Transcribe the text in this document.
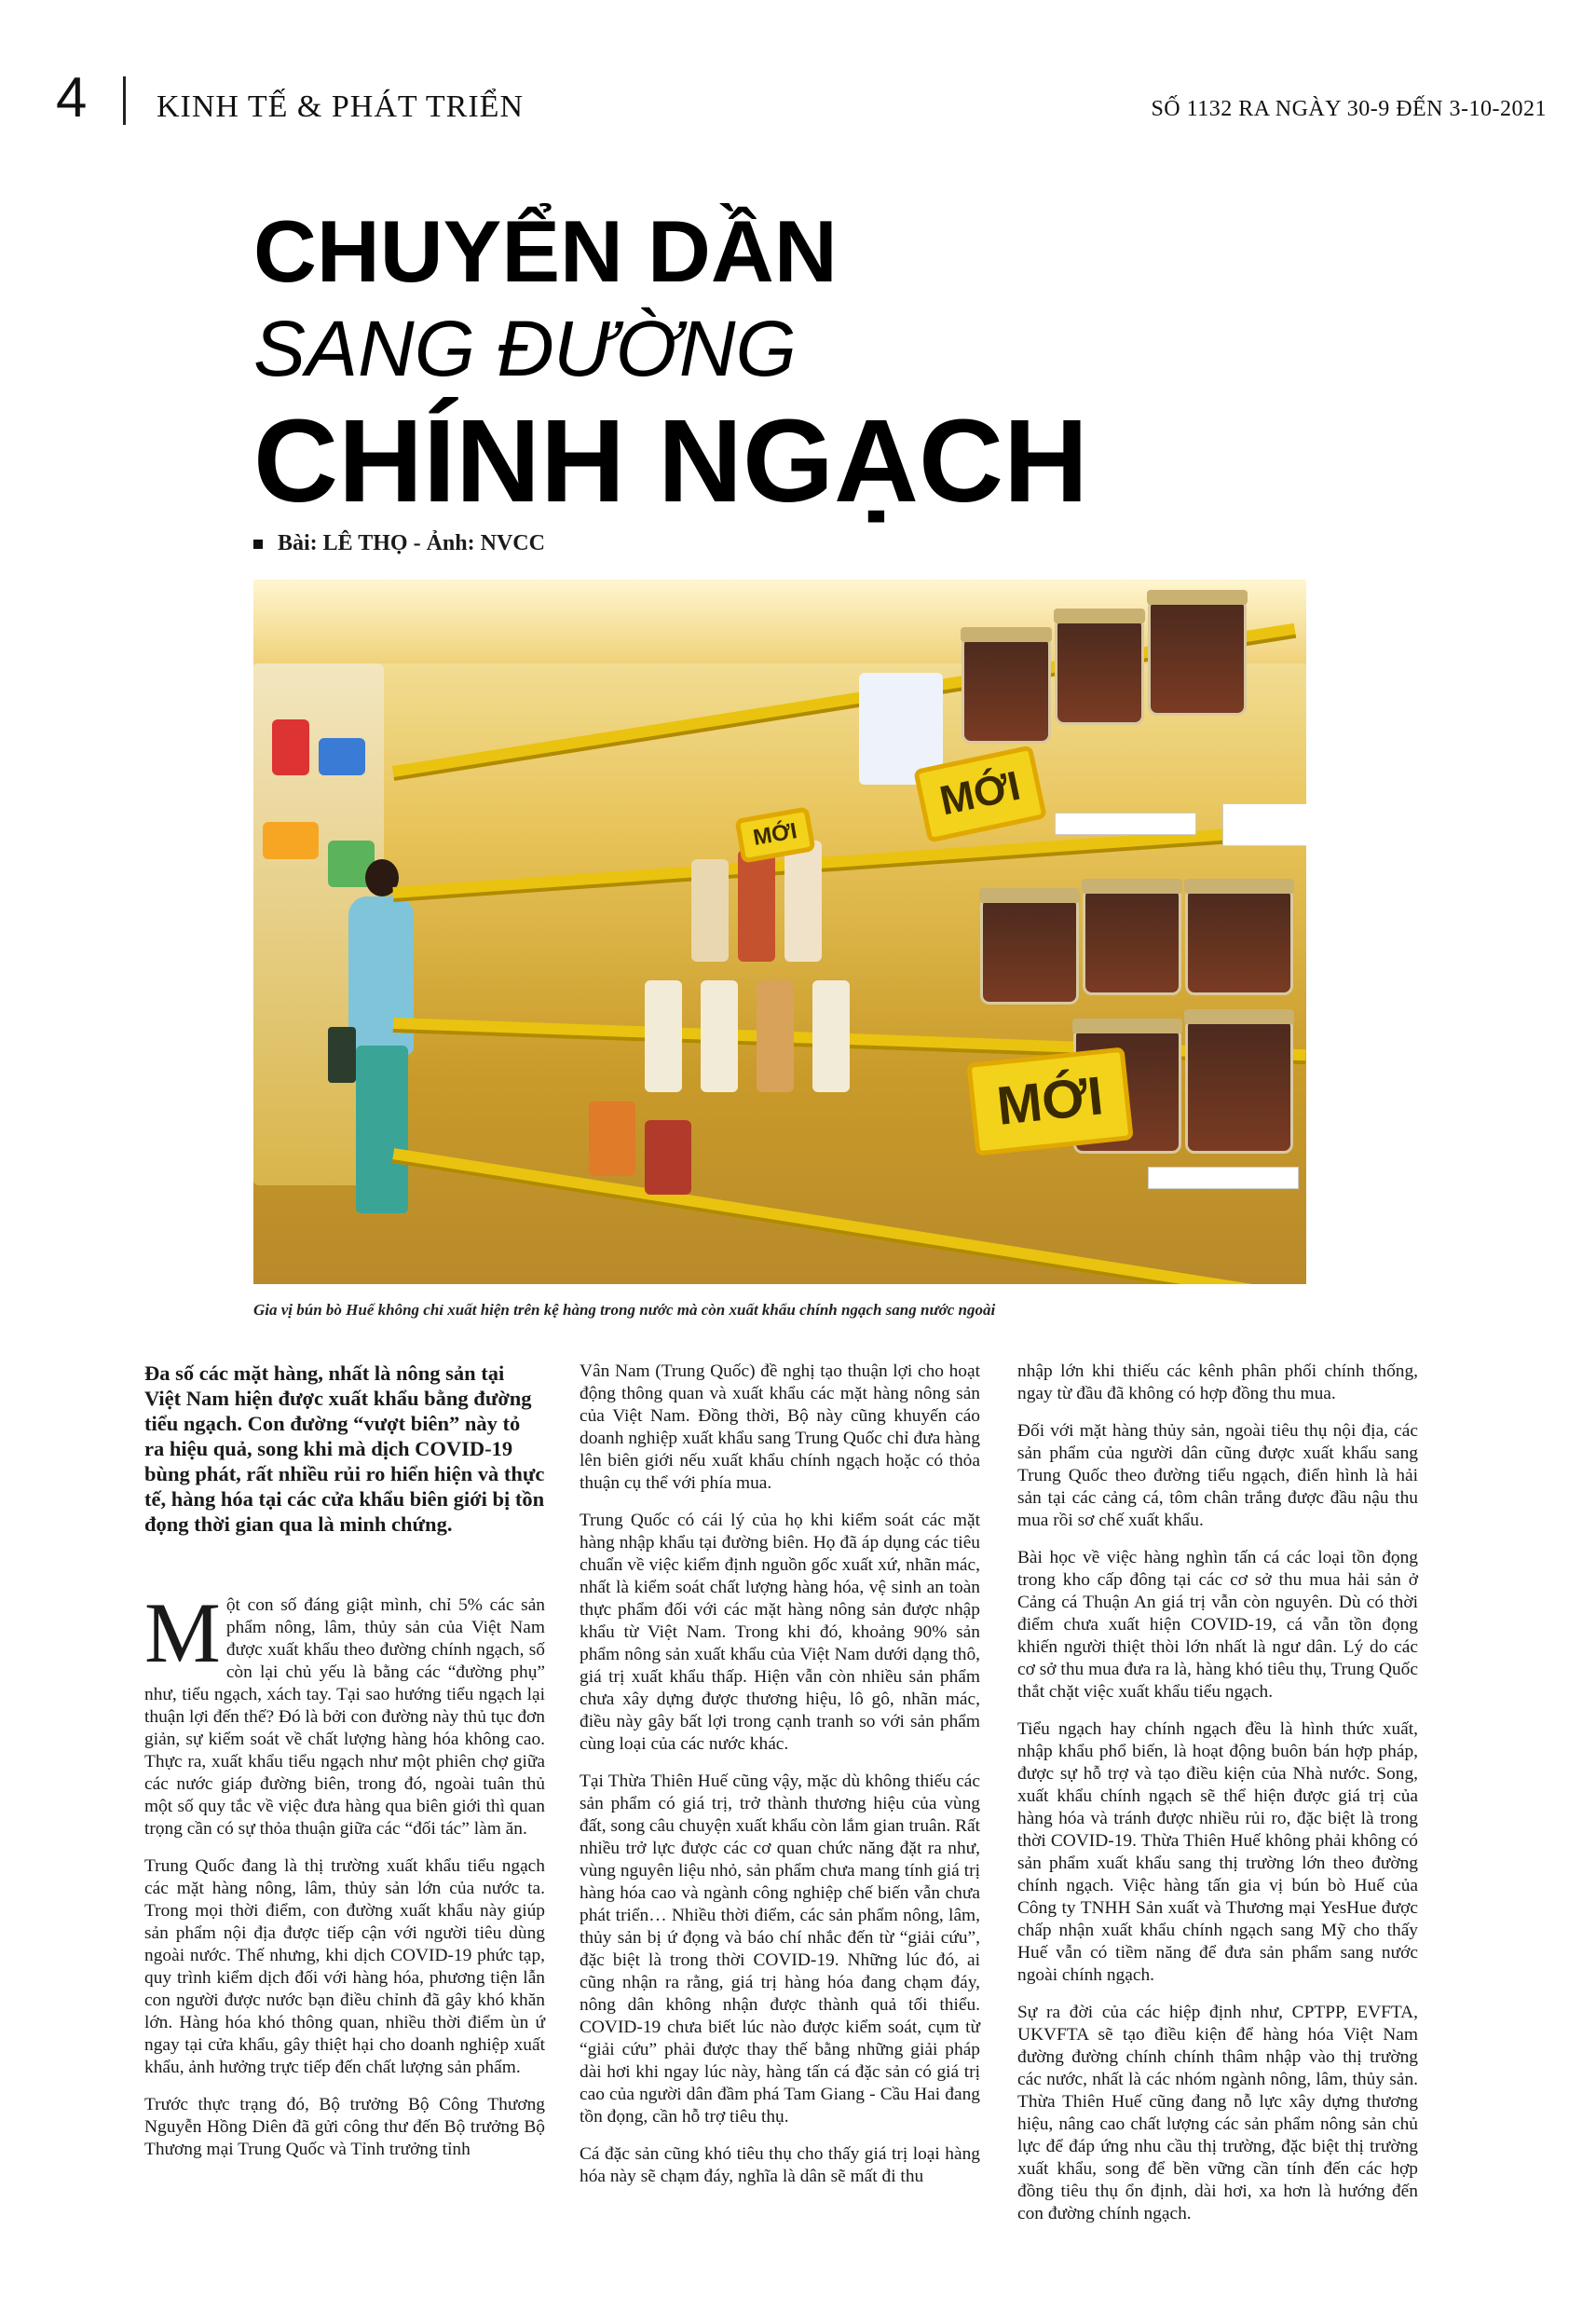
4 KINH TẾ & PHÁT TRIỂN	SỐ 1132 RA NGÀY 30-9 ĐẾN 3-10-2021
CHUYỂN DẦN
SANG ĐƯỜNG
CHÍNH NGẠCH
Bài: LÊ THỌ - Ảnh: NVCC
MỚI
MỚI
MỚI
Gia vị bún bò Huế không chỉ xuất hiện trên kệ hàng trong nước mà còn xuất khẩu chính ngạch sang nước ngoài

Đa số các mặt hàng, nhất là nông sản tại Việt Nam hiện được xuất khẩu bằng đường tiểu ngạch. Con đường “vượt biên” này tỏ ra hiệu quả, song khi mà dịch COVID-19 bùng phát, rất nhiều rủi ro hiển hiện và thực tế, hàng hóa tại các cửa khẩu biên giới bị tồn đọng thời gian qua là minh chứng.

Một con số đáng giật mình, chỉ 5% các sản phẩm nông, lâm, thủy sản của Việt Nam được xuất khẩu theo đường chính ngạch, số còn lại chủ yếu là bằng các “đường phụ” như, tiểu ngạch, xách tay. Tại sao hướng tiểu ngạch lại thuận lợi đến thế? Đó là bởi con đường này thủ tục đơn giản, sự kiểm soát về chất lượng hàng hóa không cao. Thực ra, xuất khẩu tiểu ngạch như một phiên chợ giữa các nước giáp đường biên, trong đó, ngoài tuân thủ một số quy tắc về việc đưa hàng qua biên giới thì quan trọng cần có sự thỏa thuận giữa các “đối tác” làm ăn.

Trung Quốc đang là thị trường xuất khẩu tiểu ngạch các mặt hàng nông, lâm, thủy sản lớn của nước ta. Trong mọi thời điểm, con đường xuất khẩu này giúp sản phẩm nội địa được tiếp cận với người tiêu dùng ngoài nước. Thế nhưng, khi dịch COVID-19 phức tạp, quy trình kiểm dịch đối với hàng hóa, phương tiện lẫn con người được nước bạn điều chỉnh đã gây khó khăn lớn. Hàng hóa khó thông quan, nhiều thời điểm ùn ứ ngay tại cửa khẩu, gây thiệt hại cho doanh nghiệp xuất khẩu, ảnh hưởng trực tiếp đến chất lượng sản phẩm.

Trước thực trạng đó, Bộ trưởng Bộ Công Thương Nguyễn Hồng Diên đã gửi công thư đến Bộ trưởng Bộ Thương mại Trung Quốc và Tỉnh trưởng tỉnh

Vân Nam (Trung Quốc) đề nghị tạo thuận lợi cho hoạt động thông quan và xuất khẩu các mặt hàng nông sản của Việt Nam. Đồng thời, Bộ này cũng khuyến cáo doanh nghiệp xuất khẩu sang Trung Quốc chỉ đưa hàng lên biên giới nếu xuất khẩu chính ngạch hoặc có thỏa thuận cụ thể với phía mua.

Trung Quốc có cái lý của họ khi kiểm soát các mặt hàng nhập khẩu tại đường biên. Họ đã áp dụng các tiêu chuẩn về việc kiểm định nguồn gốc xuất xứ, nhãn mác, nhất là kiểm soát chất lượng hàng hóa, vệ sinh an toàn thực phẩm đối với các mặt hàng nông sản được nhập khẩu từ Việt Nam. Trong khi đó, khoảng 90% sản phẩm nông sản xuất khẩu của Việt Nam dưới dạng thô, giá trị xuất khẩu thấp. Hiện vẫn còn nhiều sản phẩm chưa xây dựng được thương hiệu, lô gô, nhãn mác, điều này gây bất lợi trong cạnh tranh so với sản phẩm cùng loại của các nước khác.

Tại Thừa Thiên Huế cũng vậy, mặc dù không thiếu các sản phẩm có giá trị, trở thành thương hiệu của vùng đất, song câu chuyện xuất khẩu còn lắm gian truân. Rất nhiều trở lực được các cơ quan chức năng đặt ra như, vùng nguyên liệu nhỏ, sản phẩm chưa mang tính giá trị hàng hóa cao và ngành công nghiệp chế biến vẫn chưa phát triển… Nhiều thời điểm, các sản phẩm nông, lâm, thủy sản bị ứ đọng và báo chí nhắc đến từ “giải cứu”, đặc biệt là trong thời COVID-19. Những lúc đó, ai cũng nhận ra rằng, giá trị hàng hóa đang chạm đáy, nông dân không nhận được thành quả tối thiểu. COVID-19 chưa biết lúc nào được kiểm soát, cụm từ “giải cứu” phải được thay thế bằng những giải pháp dài hơi khi ngay lúc này, hàng tấn cá đặc sản có giá trị cao của người dân đầm phá Tam Giang - Cầu Hai đang tồn đọng, cần hỗ trợ tiêu thụ.

Cá đặc sản cũng khó tiêu thụ cho thấy giá trị loại hàng hóa này sẽ chạm đáy, nghĩa là dân sẽ mất đi thu

nhập lớn khi thiếu các kênh phân phối chính thống, ngay từ đầu đã không có hợp đồng thu mua.

Đối với mặt hàng thủy sản, ngoài tiêu thụ nội địa, các sản phẩm của người dân cũng được xuất khẩu sang Trung Quốc theo đường tiểu ngạch, điển hình là hải sản tại các cảng cá, tôm chân trắng được đầu nậu thu mua rồi sơ chế xuất khẩu.

Bài học về việc hàng nghìn tấn cá các loại tồn đọng trong kho cấp đông tại các cơ sở thu mua hải sản ở Cảng cá Thuận An giá trị vẫn còn nguyên. Dù có thời điểm chưa xuất hiện COVID-19, cá vẫn tồn đọng khiến người thiệt thòi lớn nhất là ngư dân. Lý do các cơ sở thu mua đưa ra là, hàng khó tiêu thụ, Trung Quốc thắt chặt việc xuất khẩu tiểu ngạch.

Tiểu ngạch hay chính ngạch đều là hình thức xuất, nhập khẩu phổ biến, là hoạt động buôn bán hợp pháp, được sự hỗ trợ và tạo điều kiện của Nhà nước. Song, xuất khẩu chính ngạch sẽ thể hiện được giá trị của hàng hóa và tránh được nhiều rủi ro, đặc biệt là trong thời COVID-19. Thừa Thiên Huế không phải không có sản phẩm xuất khẩu sang thị trường lớn theo đường chính ngạch. Việc hàng tấn gia vị bún bò Huế của Công ty TNHH Sản xuất và Thương mại YesHue được chấp nhận xuất khẩu chính ngạch sang Mỹ cho thấy Huế vẫn có tiềm năng để đưa sản phẩm sang nước ngoài chính ngạch.

Sự ra đời của các hiệp định như, CPTPP, EVFTA, UKVFTA sẽ tạo điều kiện để hàng hóa Việt Nam đường đường chính chính thâm nhập vào thị trường các nước, nhất là các nhóm ngành nông, lâm, thủy sản. Thừa Thiên Huế cũng đang nỗ lực xây dựng thương hiệu, nâng cao chất lượng các sản phẩm nông sản chủ lực để đáp ứng nhu cầu thị trường, đặc biệt thị trường xuất khẩu, song để bền vững cần tính đến các hợp đồng tiêu thụ ổn định, dài hơi, xa hơn là hướng đến con đường chính ngạch.
